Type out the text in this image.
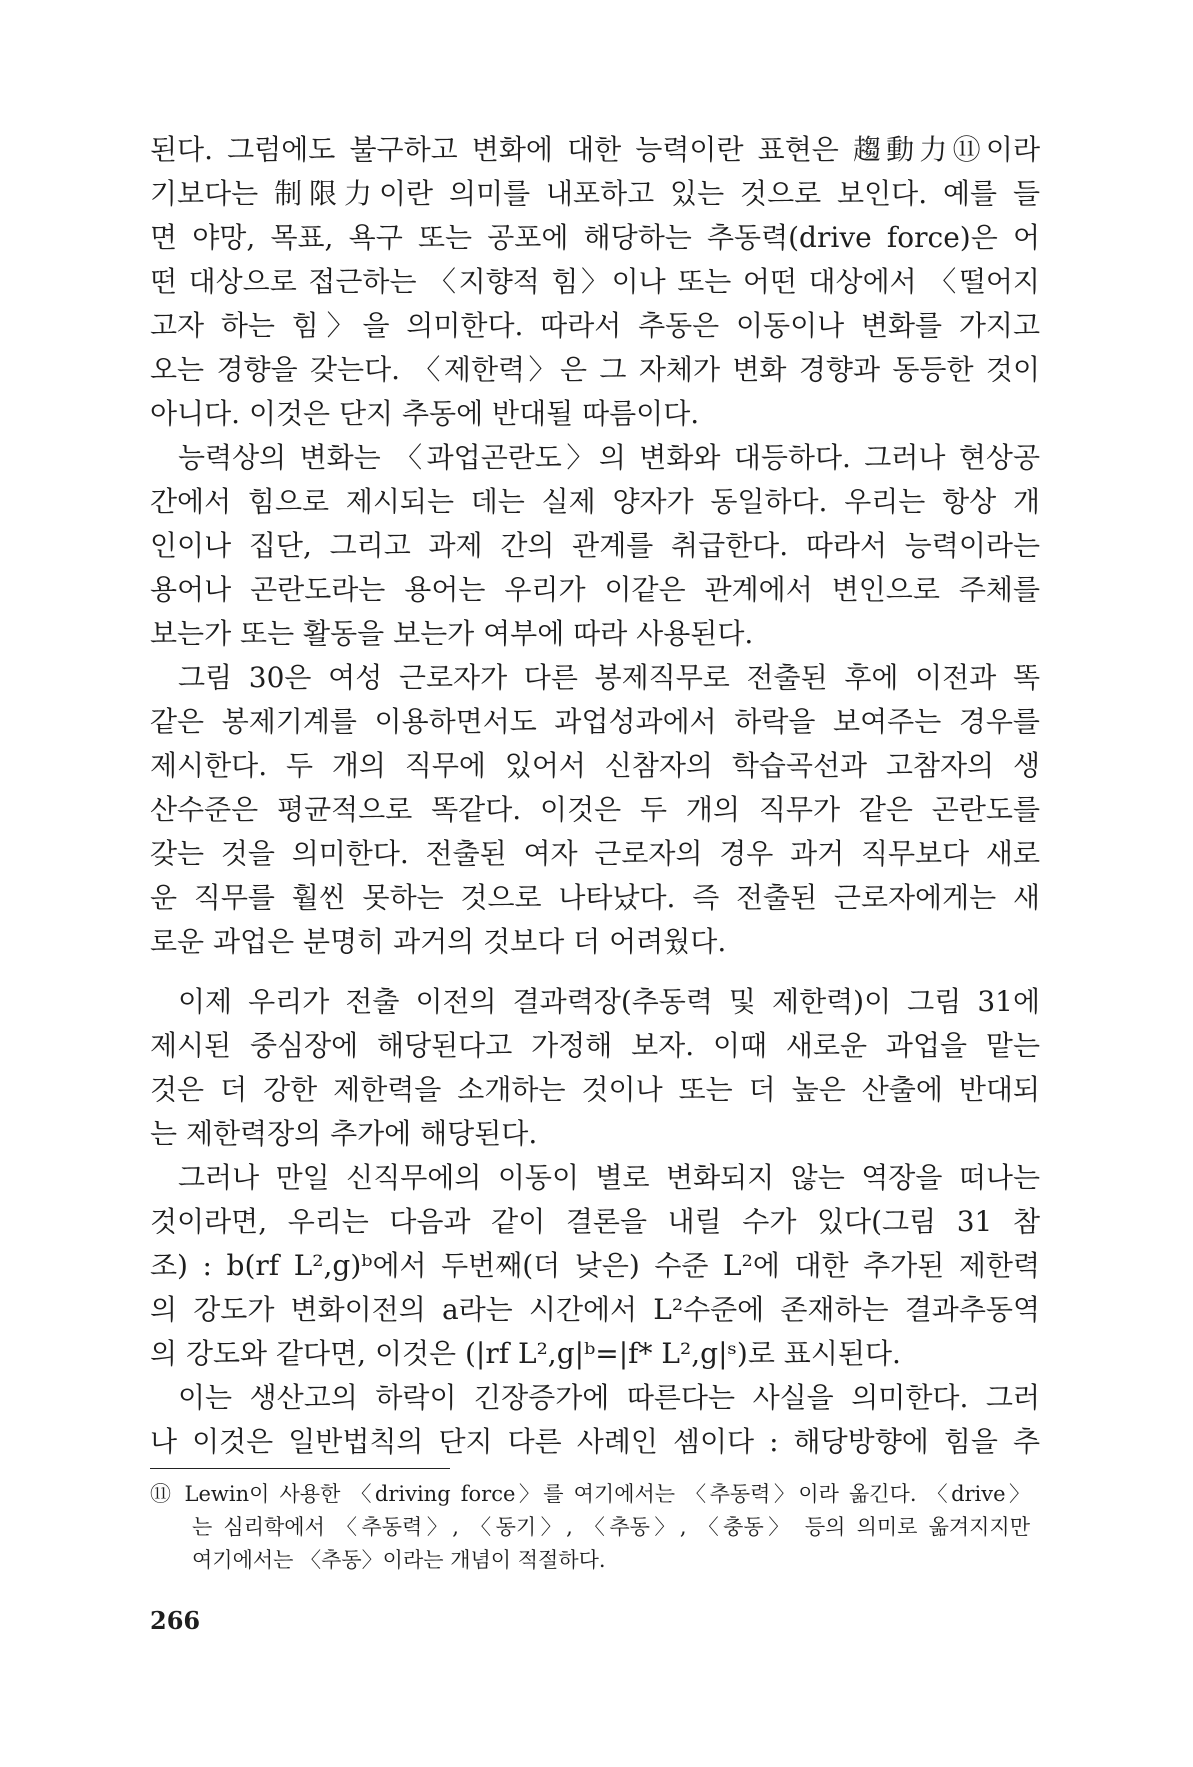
된다. 그럼에도 불구하고 변화에 대한 능력이란 표현은 趨動力⑪이라
기보다는 制限力이란 의미를 내포하고 있는 것으로 보인다. 예를 들
면 야망, 목표, 욕구 또는 공포에 해당하는 추동력(drive force)은 어
떤 대상으로 접근하는 〈지향적 힘〉이나 또는 어떤 대상에서 〈떨어지
고자 하는 힘〉을 의미한다. 따라서 추동은 이동이나 변화를 가지고
오는 경향을 갖는다. 〈제한력〉은 그 자체가 변화 경향과 동등한 것이
아니다. 이것은 단지 추동에 반대될 따름이다.
능력상의 변화는 〈과업곤란도〉의 변화와 대등하다. 그러나 현상공
간에서 힘으로 제시되는 데는 실제 양자가 동일하다. 우리는 항상 개
인이나 집단, 그리고 과제 간의 관계를 취급한다. 따라서 능력이라는
용어나 곤란도라는 용어는 우리가 이같은 관계에서 변인으로 주체를
보는가 또는 활동을 보는가 여부에 따라 사용된다.
그림 30은 여성 근로자가 다른 봉제직무로 전출된 후에 이전과 똑
같은 봉제기계를 이용하면서도 과업성과에서 하락을 보여주는 경우를
제시한다. 두 개의 직무에 있어서 신참자의 학습곡선과 고참자의 생
산수준은 평균적으로 똑같다. 이것은 두 개의 직무가 같은 곤란도를
갖는 것을 의미한다. 전출된 여자 근로자의 경우 과거 직무보다 새로
운 직무를 훨씬 못하는 것으로 나타났다. 즉 전출된 근로자에게는 새
로운 과업은 분명히 과거의 것보다 더 어려웠다.
이제 우리가 전출 이전의 결과력장(추동력 및 제한력)이 그림 31에
제시된 중심장에 해당된다고 가정해 보자. 이때 새로운 과업을 맡는
것은 더 강한 제한력을 소개하는 것이나 또는 더 높은 산출에 반대되
는 제한력장의 추가에 해당된다.
그러나 만일 신직무에의 이동이 별로 변화되지 않는 역장을 떠나는
것이라면, 우리는 다음과 같이 결론을 내릴 수가 있다(그림 31 참
조) : b(rf L²,g)ᵇ에서 두번째(더 낮은) 수준 L²에 대한 추가된 제한력
의 강도가 변화이전의 a라는 시간에서 L²수준에 존재하는 결과추동역
의 강도와 같다면, 이것은 (|rf L²,g|ᵇ=|f* L²,g|ˢ)로 표시된다.
이는 생산고의 하락이 긴장증가에 따른다는 사실을 의미한다. 그러
나 이것은 일반법칙의 단지 다른 사례인 셈이다 : 해당방향에 힘을 추
266
⑪ Lewin이 사용한 〈driving force〉를 여기에서는 〈추동력〉이라 옮긴다. 〈drive〉
는 심리학에서 〈추동력〉, 〈동기〉, 〈추동〉, 〈충동〉 등의 의미로 옮겨지지만
여기에서는 〈추동〉이라는 개념이 적절하다.
